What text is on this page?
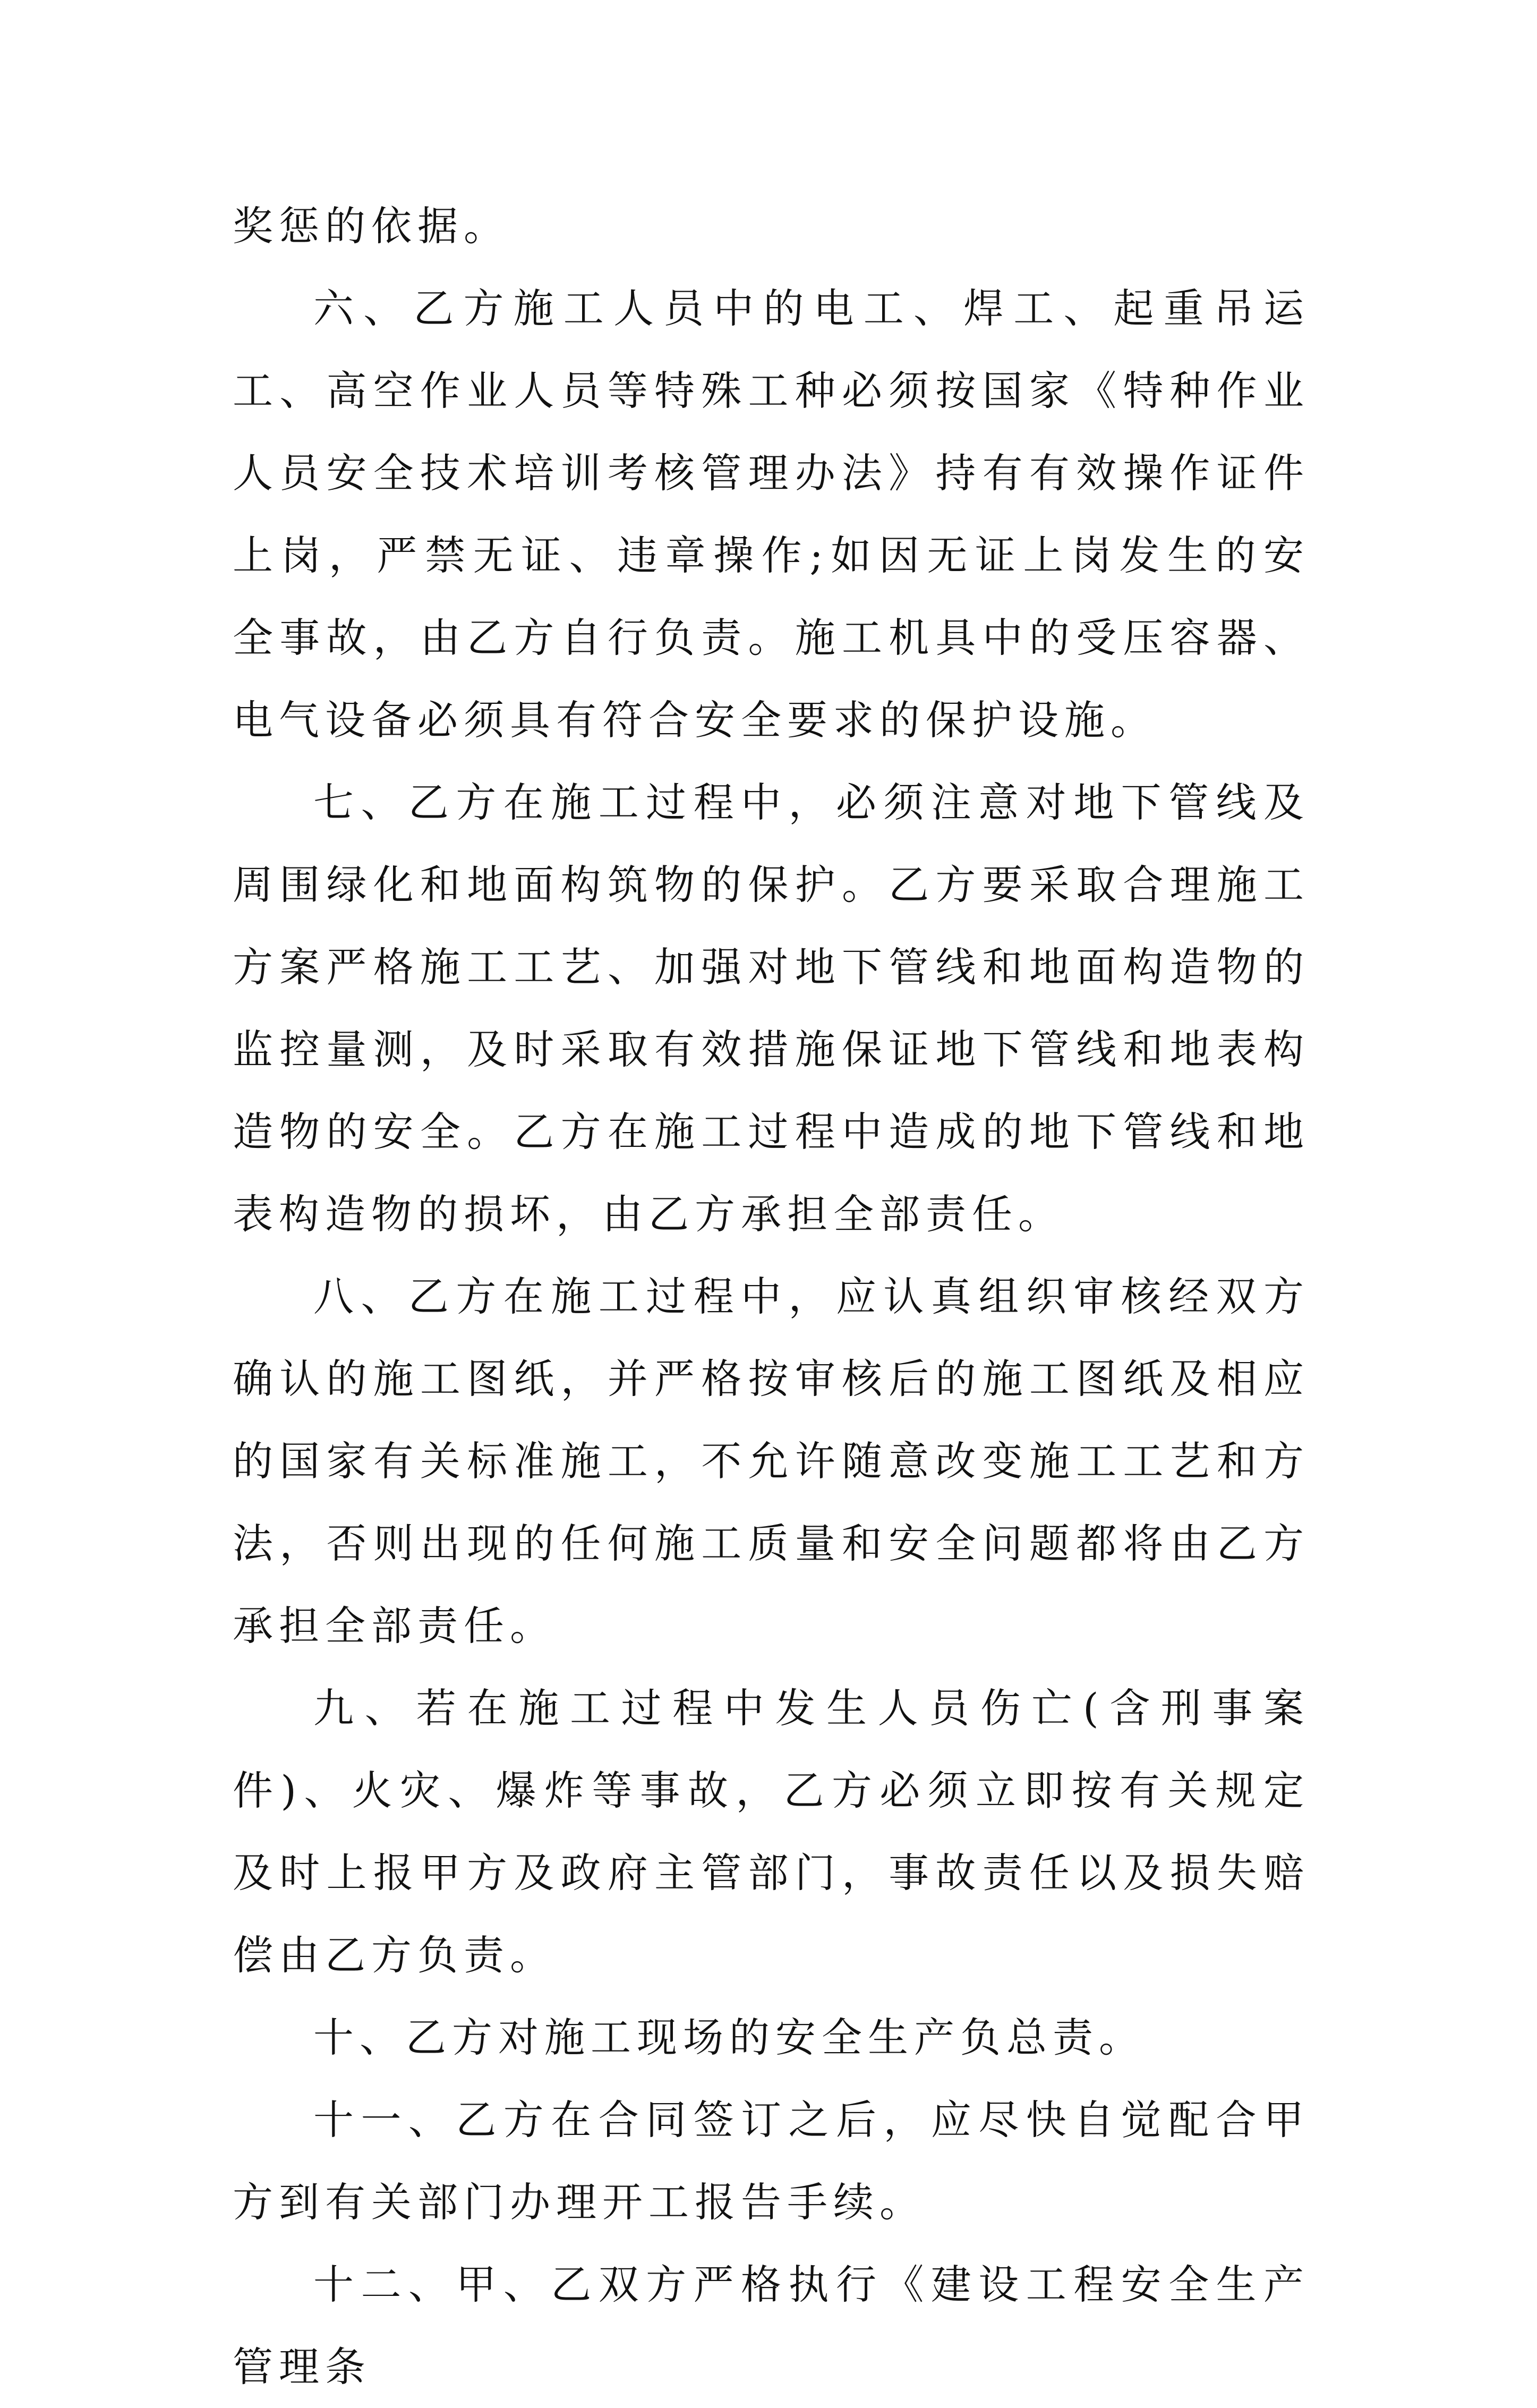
奖惩的依据。

六、乙方施工人员中的电工、焊工、起重吊运工、高空作业人员等特殊工种必须按国家《特种作业人员安全技术培训考核管理办法》持有有效操作证件上岗，严禁无证、违章操作;如因无证上岗发生的安全事故，由乙方自行负责。施工机具中的受压容器、电气设备必须具有符合安全要求的保护设施。

七、乙方在施工过程中，必须注意对地下管线及周围绿化和地面构筑物的保护。乙方要采取合理施工方案严格施工工艺、加强对地下管线和地面构造物的监控量测，及时采取有效措施保证地下管线和地表构造物的安全。乙方在施工过程中造成的地下管线和地表构造物的损坏，由乙方承担全部责任。

八、乙方在施工过程中，应认真组织审核经双方确认的施工图纸，并严格按审核后的施工图纸及相应的国家有关标准施工，不允许随意改变施工工艺和方法，否则出现的任何施工质量和安全问题都将由乙方承担全部责任。

九、若在施工过程中发生人员伤亡(含刑事案件)、火灾、爆炸等事故，乙方必须立即按有关规定及时上报甲方及政府主管部门，事故责任以及损失赔偿由乙方负责。

十、乙方对施工现场的安全生产负总责。

十一、乙方在合同签订之后，应尽快自觉配合甲方到有关部门办理开工报告手续。

十二、甲、乙双方严格执行《建设工程安全生产管理条
